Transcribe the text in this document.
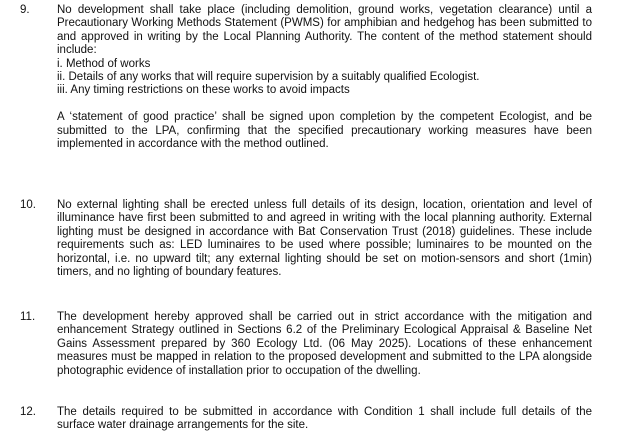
9.	No development shall take place (including demolition, ground works, vegetation clearance) until a Precautionary Working Methods Statement (PWMS) for amphibian and hedgehog has been submitted to and approved in writing by the Local Planning Authority. The content of the method statement should include:

i. Method of works
ii. Details of any works that will require supervision by a suitably qualified Ecologist.
iii. Any timing restrictions on these works to avoid impacts

A ‘statement of good practice’ shall be signed upon completion by the competent Ecologist, and be submitted to the LPA, confirming that the specified precautionary working measures have been implemented in accordance with the method outlined.

10.	No external lighting shall be erected unless full details of its design, location, orientation and level of illuminance have first been submitted to and agreed in writing with the local planning authority. External lighting must be designed in accordance with Bat Conservation Trust (2018) guidelines. These include requirements such as: LED luminaires to be used where possible; luminaires to be mounted on the horizontal, i.e. no upward tilt; any external lighting should be set on motion-sensors and short (1min) timers, and no lighting of boundary features.

11.	The development hereby approved shall be carried out in strict accordance with the mitigation and enhancement Strategy outlined in Sections 6.2 of the Preliminary Ecological Appraisal & Baseline Net Gains Assessment prepared by 360 Ecology Ltd. (06 May 2025). Locations of these enhancement measures must be mapped in relation to the proposed development and submitted to the LPA alongside photographic evidence of installation prior to occupation of the dwelling.

12.	The details required to be submitted in accordance with Condition 1 shall include full details of the surface water drainage arrangements for the site.
